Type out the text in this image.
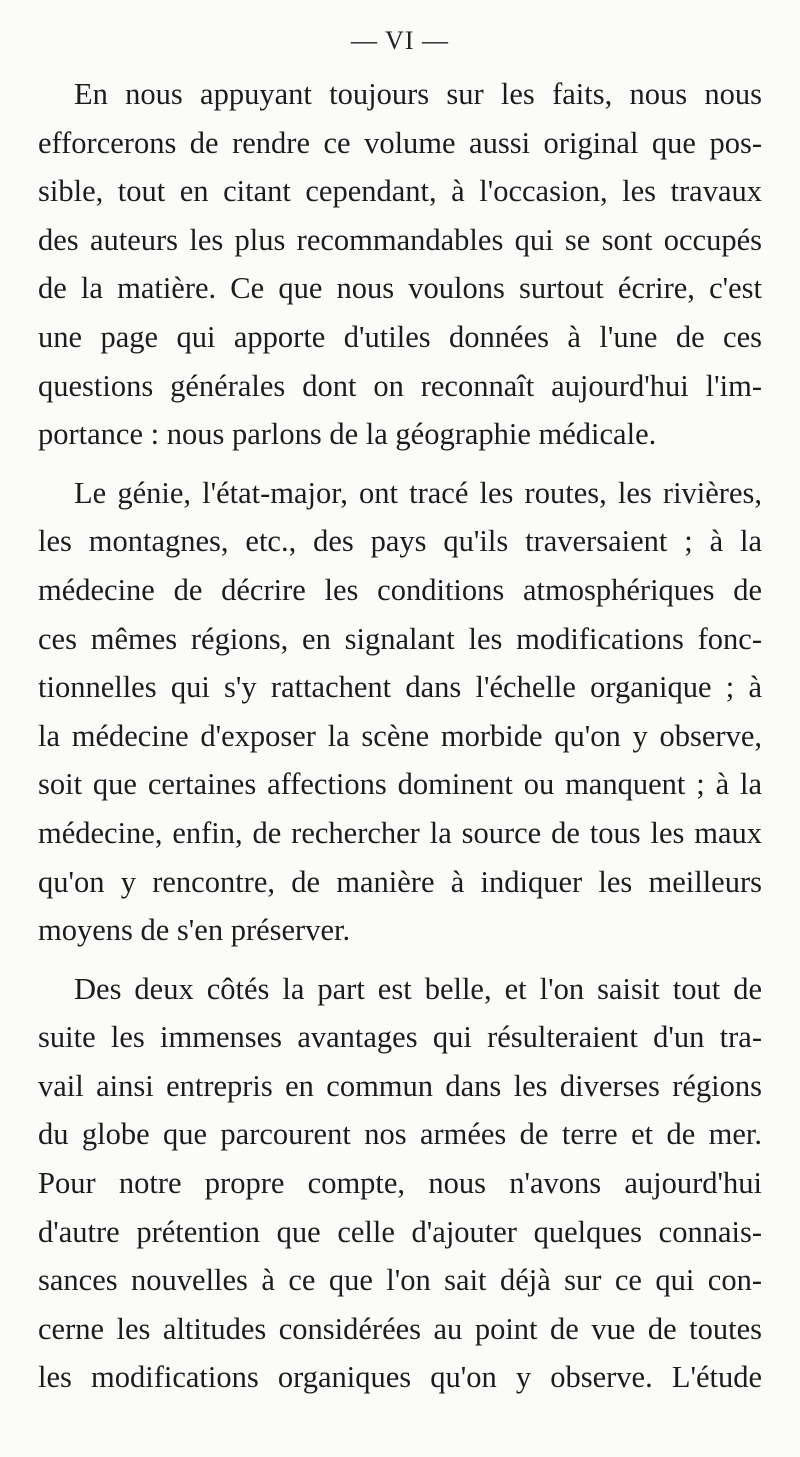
— VI —
En nous appuyant toujours sur les faits, nous nous
efforcerons de rendre ce volume aussi original que pos-
sible, tout en citant cependant, à l'occasion, les travaux
des auteurs les plus recommandables qui se sont occupés
de la matière. Ce que nous voulons surtout écrire, c'est
une page qui apporte d'utiles données à l'une de ces
questions générales dont on reconnaît aujourd'hui l'im-
portance : nous parlons de la géographie médicale.
Le génie, l'état-major, ont tracé les routes, les rivières,
les montagnes, etc., des pays qu'ils traversaient ; à la
médecine de décrire les conditions atmosphériques de
ces mêmes régions, en signalant les modifications fonc-
tionnelles qui s'y rattachent dans l'échelle organique ; à
la médecine d'exposer la scène morbide qu'on y observe,
soit que certaines affections dominent ou manquent ; à la
médecine, enfin, de rechercher la source de tous les maux
qu'on y rencontre, de manière à indiquer les meilleurs
moyens de s'en préserver.
Des deux côtés la part est belle, et l'on saisit tout de
suite les immenses avantages qui résulteraient d'un tra-
vail ainsi entrepris en commun dans les diverses régions
du globe que parcourent nos armées de terre et de mer.
Pour notre propre compte, nous n'avons aujourd'hui
d'autre prétention que celle d'ajouter quelques connais-
sances nouvelles à ce que l'on sait déjà sur ce qui con-
cerne les altitudes considérées au point de vue de toutes
les modifications organiques qu'on y observe. L'étude
